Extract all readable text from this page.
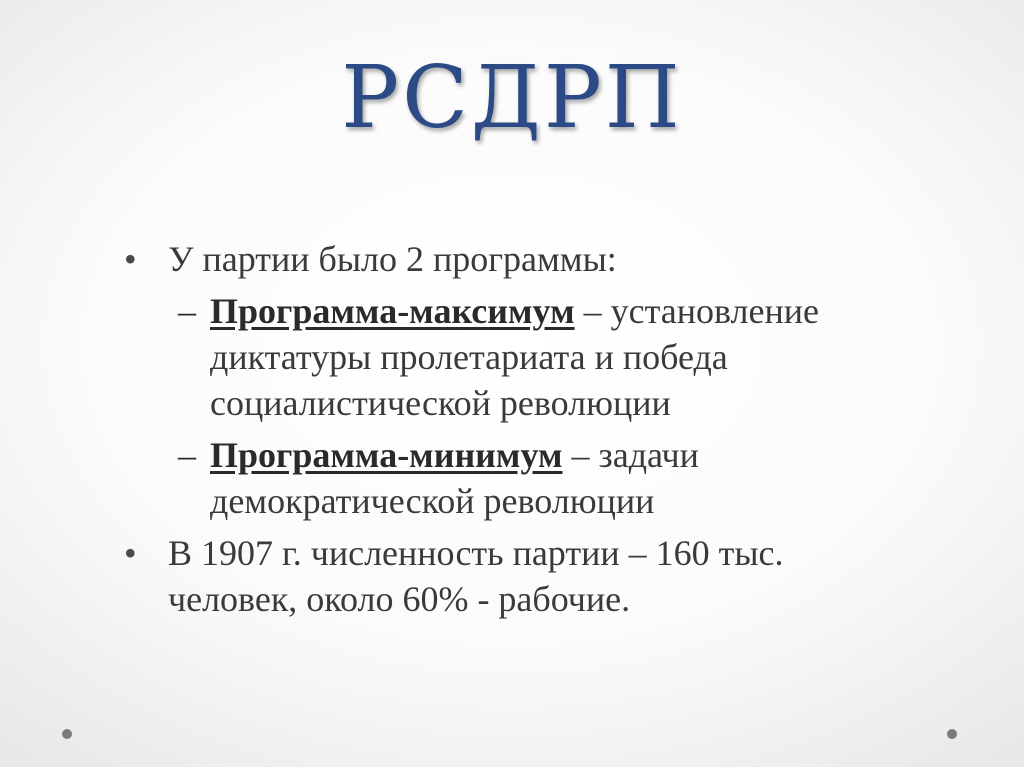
РСДРП
• У партии было 2 программы:
– Программа-максимум – установление диктатуры пролетариата и победа социалистической революции
– Программа-минимум – задачи демократической революции
• В 1907 г. численность партии – 160 тыс. человек, около 60% - рабочие.
